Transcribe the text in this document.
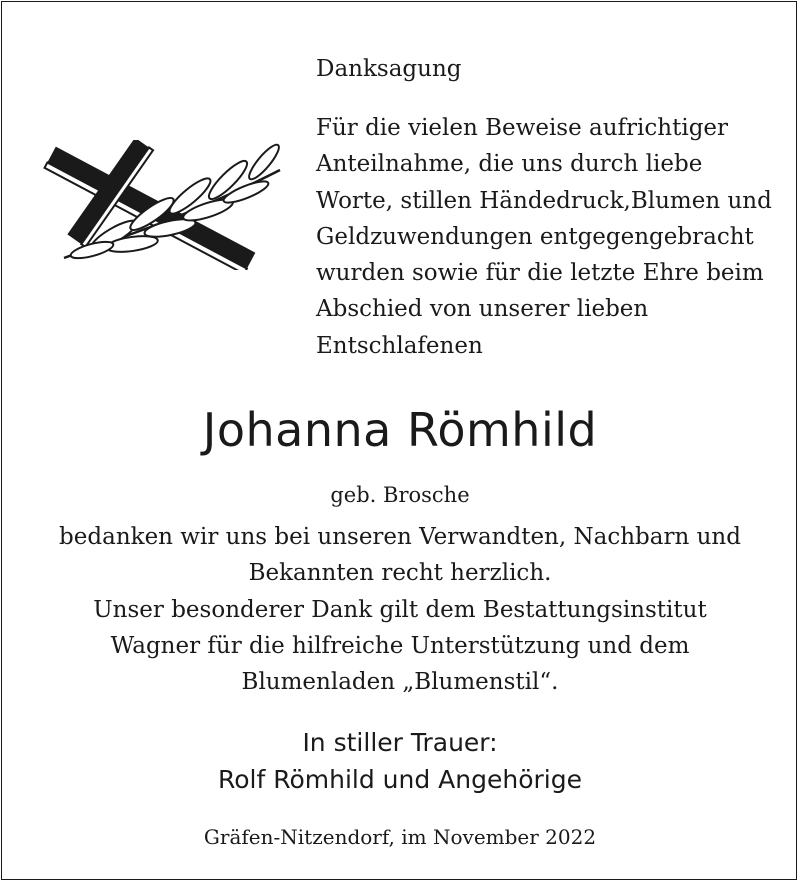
Danksagung
Für die vielen Beweise aufrichtiger
Anteilnahme, die uns durch liebe
Worte, stillen Händedruck,Blumen und
Geldzuwendungen entgegengebracht
wurden sowie für die letzte Ehre beim
Abschied von unserer lieben
Entschlafenen
Johanna Römhild
geb. Brosche
bedanken wir uns bei unseren Verwandten, Nachbarn und
Bekannten recht herzlich.
Unser besonderer Dank gilt dem Bestattungsinstitut
Wagner für die hilfreiche Unterstützung und dem
Blumenladen „Blumenstil“.
In stiller Trauer:
Rolf Römhild und Angehörige
Gräfen-Nitzendorf, im November 2022
